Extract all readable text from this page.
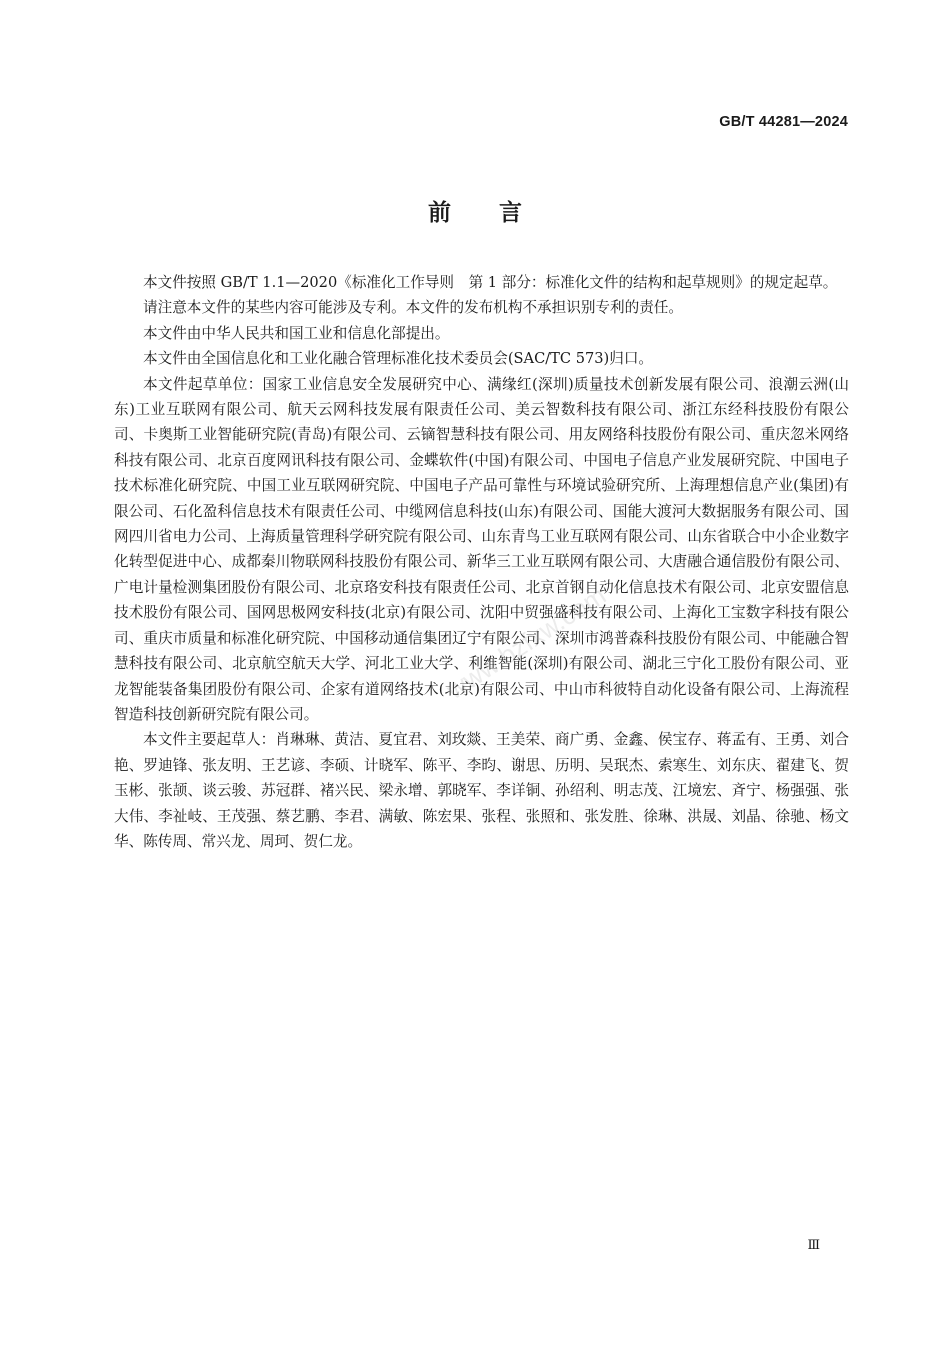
GB/T 44281—2024
前言

本文件按照 GB/T 1.1—2020《标准化工作导则　第 1 部分：标准化文件的结构和起草规则》的规定起草。

请注意本文件的某些内容可能涉及专利。本文件的发布机构不承担识别专利的责任。

本文件由中华人民共和国工业和信息化部提出。

本文件由全国信息化和工业化融合管理标准化技术委员会(SAC/TC 573)归口。

本文件起草单位：国家工业信息安全发展研究中心、满缘红(深圳)质量技术创新发展有限公司、浪潮云洲(山东)工业互联网有限公司、航天云网科技发展有限责任公司、美云智数科技有限公司、浙江东经科技股份有限公司、卡奥斯工业智能研究院(青岛)有限公司、云镝智慧科技有限公司、用友网络科技股份有限公司、重庆忽米网络科技有限公司、北京百度网讯科技有限公司、金蝶软件(中国)有限公司、中国电子信息产业发展研究院、中国电子技术标准化研究院、中国工业互联网研究院、中国电子产品可靠性与环境试验研究所、上海理想信息产业(集团)有限公司、石化盈科信息技术有限责任公司、中缆网信息科技(山东)有限公司、国能大渡河大数据服务有限公司、国网四川省电力公司、上海质量管理科学研究院有限公司、山东青鸟工业互联网有限公司、山东省联合中小企业数字化转型促进中心、成都秦川物联网科技股份有限公司、新华三工业互联网有限公司、大唐融合通信股份有限公司、广电计量检测集团股份有限公司、北京珞安科技有限责任公司、北京首钢自动化信息技术有限公司、北京安盟信息技术股份有限公司、国网思极网安科技(北京)有限公司、沈阳中贸强盛科技有限公司、上海化工宝数字科技有限公司、重庆市质量和标准化研究院、中国移动通信集团辽宁有限公司、深圳市鸿普森科技股份有限公司、中能融合智慧科技有限公司、北京航空航天大学、河北工业大学、利维智能(深圳)有限公司、湖北三宁化工股份有限公司、亚龙智能装备集团股份有限公司、企家有道网络技术(北京)有限公司、中山市科彼特自动化设备有限公司、上海流程智造科技创新研究院有限公司。

本文件主要起草人：肖琳琳、黄洁、夏宜君、刘玫燚、王美荣、商广勇、金鑫、侯宝存、蒋孟有、王勇、刘合艳、罗迪锋、张友明、王艺谚、李硕、计晓军、陈平、李昀、谢思、历明、吴珉杰、索寒生、刘东庆、翟建飞、贺玉彬、张颉、谈云骏、苏冠群、褚兴民、梁永增、郭晓军、李详铜、孙绍利、明志茂、江境宏、斉宁、杨强强、张大伟、李祉岐、王茂强、蔡艺鹏、李君、满敏、陈宏果、张程、张照和、张发胜、徐琳、洪晟、刘晶、徐驰、杨文华、陈传周、常兴龙、周珂、贺仁龙。

www.bzfxw.com
Ⅲ
